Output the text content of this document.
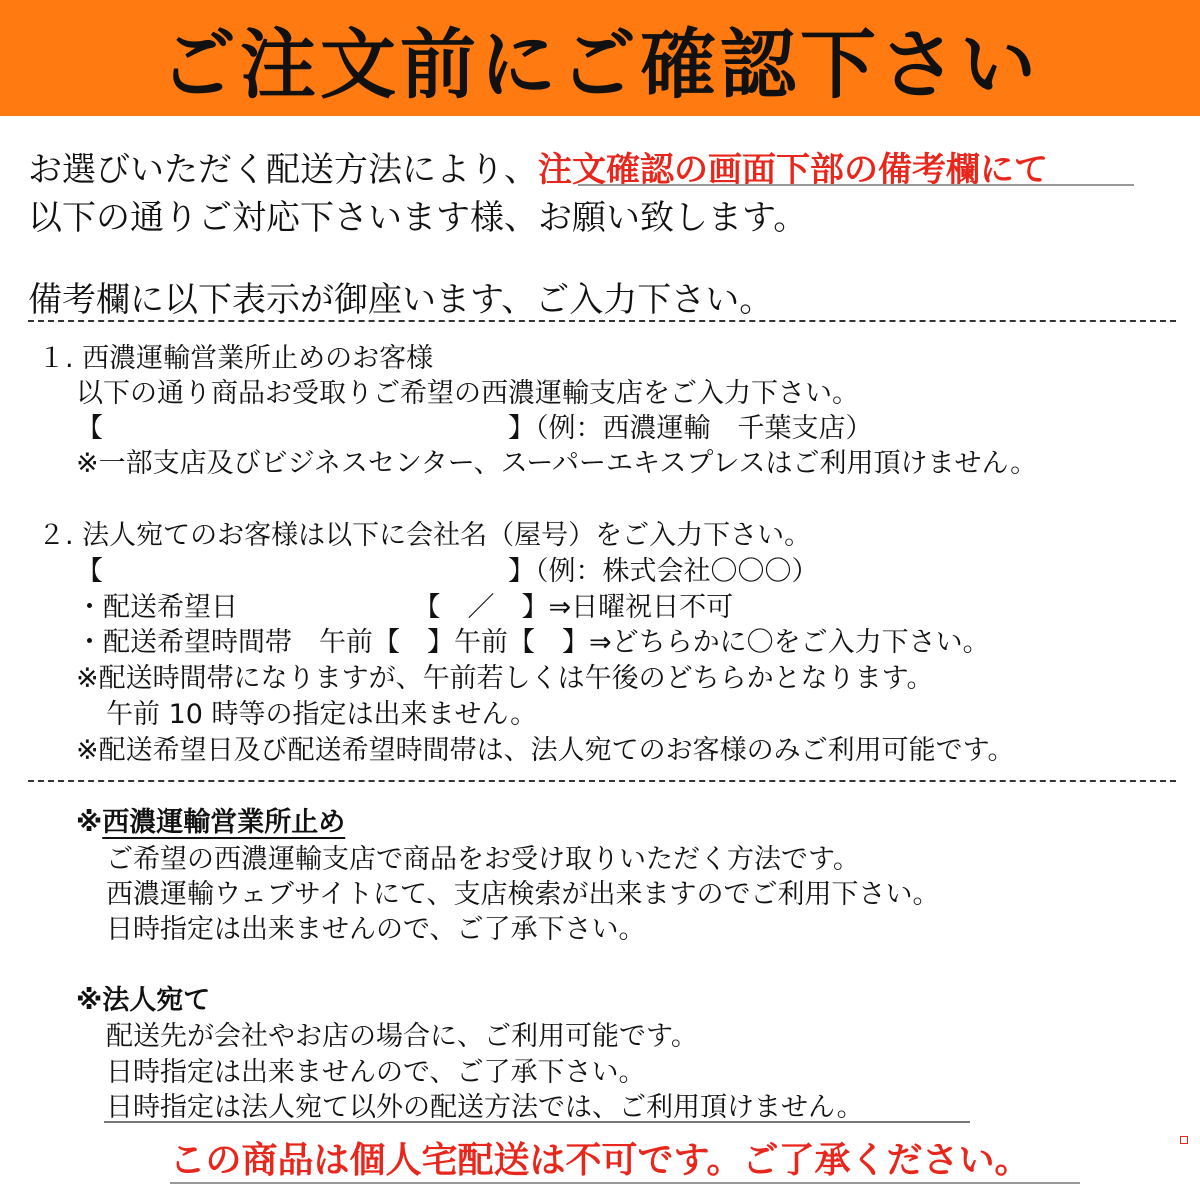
ご注文前にご確認下さい
お選びいただく配送方法により、注文確認の画面下部の備考欄にて
以下の通りご対応下さいます様、お願い致します。
備考欄に以下表示が御座います、ご入力下さい。
１. 西濃運輸営業所止めのお客様
以下の通り商品お受取りご希望の西濃運輸支店をご入力下さい。
【　　　　　　　　　　　　　　　】（例：西濃運輸　千葉支店）
※一部支店及びビジネスセンター、スーパーエキスプレスはご利用頂けません。
２. 法人宛てのお客様は以下に会社名（屋号）をご入力下さい。
【　　　　　　　　　　　　　　　】（例：株式会社〇〇〇）
・配送希望日　　　　　　　【　／　】⇒日曜祝日不可
・配送希望時間帯　午前【　】午前【　】⇒どちらかに〇をご入力下さい。
※配送時間帯になりますが、午前若しくは午後のどちらかとなります。
午前 10 時等の指定は出来ません。
※配送希望日及び配送希望時間帯は、法人宛てのお客様のみご利用可能です。
※西濃運輸営業所止め
ご希望の西濃運輸支店で商品をお受け取りいただく方法です。
西濃運輸ウェブサイトにて、支店検索が出来ますのでご利用下さい。
日時指定は出来ませんので、ご了承下さい。
※法人宛て
配送先が会社やお店の場合に、ご利用可能です。
日時指定は出来ませんので、ご了承下さい。
日時指定は法人宛て以外の配送方法では、ご利用頂けません。
この商品は個人宅配送は不可です。ご了承ください。
